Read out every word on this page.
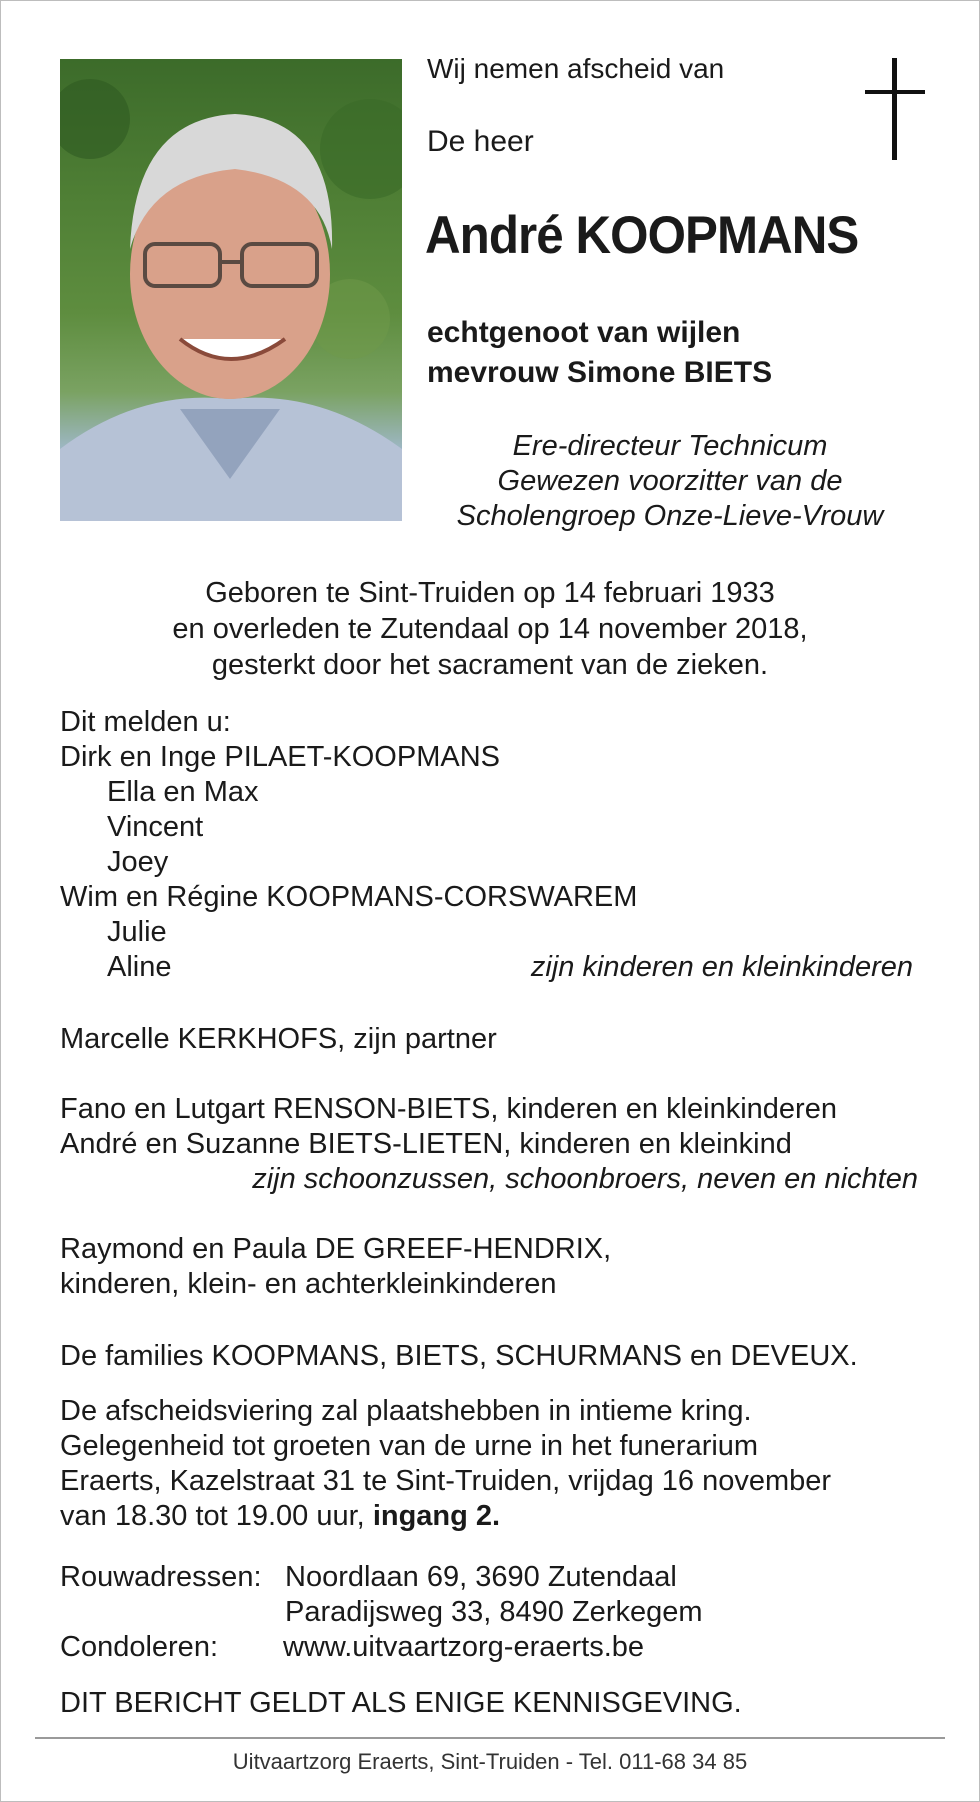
Wij nemen afscheid van

De heer

André KOOPMANS

echtgenoot van wijlen
mevrouw Simone BIETS
Ere-directeur Technicum
Gewezen voorzitter van de
Scholengroep Onze-Lieve-Vrouw
Geboren te Sint-Truiden op 14 februari 1933
en overleden te Zutendaal op 14 november 2018,
gesterkt door het sacrament van de zieken.

Dit melden u:

Dirk en Inge PILAET-KOOPMANS

Ella en Max

Vincent

Joey

Wim en Régine KOOPMANS-CORSWAREM

Julie

Aline	zijn kinderen en kleinkinderen

Marcelle KERKHOFS, zijn partner

Fano en Lutgart RENSON-BIETS, kinderen en kleinkinderen

André en Suzanne BIETS-LIETEN, kinderen en kleinkind

zijn schoonzussen, schoonbroers, neven en nichten

Raymond en Paula DE GREEF-HENDRIX,

kinderen, klein- en achterkleinkinderen

De families KOOPMANS, BIETS, SCHURMANS en DEVEUX.

De afscheidsviering zal plaatshebben in intieme kring.

Gelegenheid tot groeten van de urne in het funerarium

Eraerts, Kazelstraat 31 te Sint-Truiden, vrijdag 16 november

van 18.30 tot 19.00 uur, ingang 2.

Rouwadressen: Noordlaan 69, 3690 Zutendaal

Paradijsweg 33, 8490 Zerkegem

Condoleren: www.uitvaartzorg-eraerts.be

DIT BERICHT GELDT ALS ENIGE KENNISGEVING.

Uitvaartzorg Eraerts, Sint-Truiden - Tel. 011-68 34 85
